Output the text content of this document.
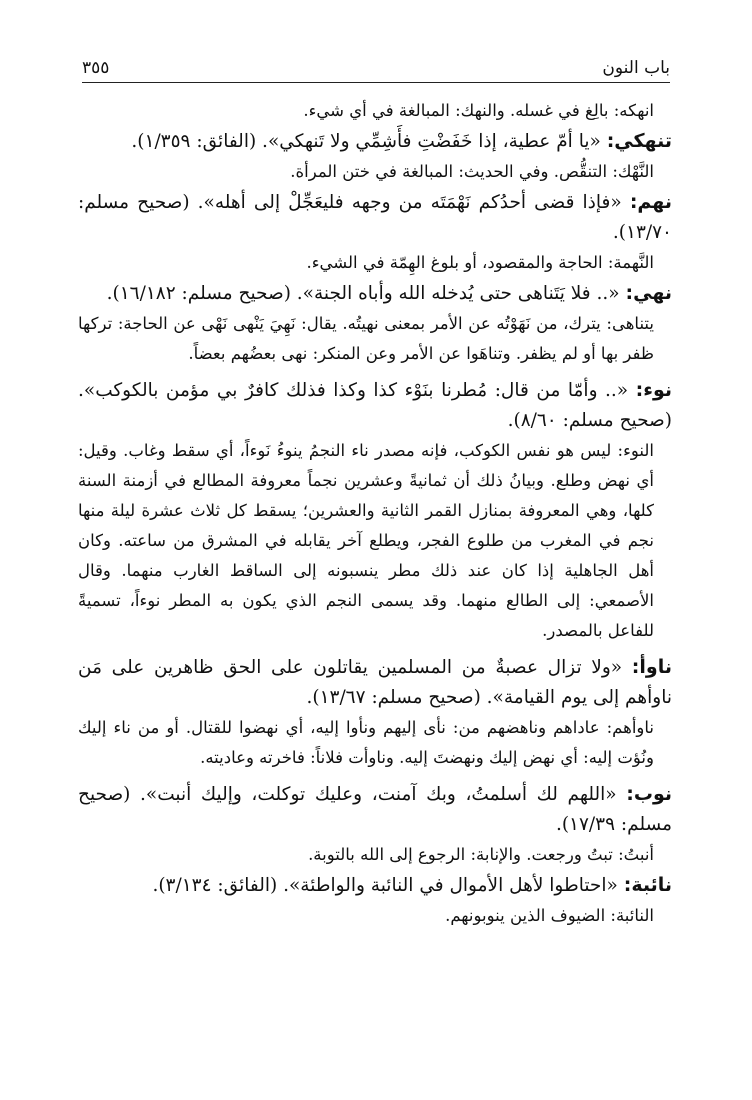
باب النون
٣٥٥

انهكه: بالِغ في غسله. والنهك: المبالغة في أي شيء.

تنهكي: «يا أمّ عطية، إذا خَفَضْتِ فأَشِمِّي ولا تَنهكي». (الفائق: ١/٣٥٩).

النَّهْك: التنقُّص. وفي الحديث: المبالغة في ختن المرأة.

نهم: «فإذا قضى أحدُكم نَهْمَتَه من وجهه فليعَجِّلْ إلى أهله». (صحيح مسلم: ١٣/٧٠).

النَّهمة: الحاجة والمقصود، أو بلوغ الهِمّة في الشيء.

نهي: «.. فلا يَتَناهى حتى يُدخله الله وأباه الجنة». (صحيح مسلم: ١٦/١٨٢).

يتناهى: يترك، من نَهَوْتُه عن الأمر بمعنى نهيتُه. يقال: نَهِيَ يَنْهى نَهْى عن الحاجة: تركها ظفر بها أو لم يظفر. وتناهَوا عن الأمر وعن المنكر: نهى بعضُهم بعضاً.

نوء: «.. وأمّا من قال: مُطرنا بنَوْء كذا وكذا فذلك كافرٌ بي مؤمن بالكوكب». (صحيح مسلم: ٨/٦٠).

النوء: ليس هو نفس الكوكب، فإنه مصدر ناء النجمُ ينوءُ نَوءاً، أي سقط وغاب. وقيل: أي نهض وطلع. وبيانُ ذلك أن ثمانيةً وعشرين نجماً معروفة المطالع في أزمنة السنة كلها، وهي المعروفة بمنازل القمر الثانية والعشرين؛ يسقط كل ثلاث عشرة ليلة منها نجم في المغرب من طلوع الفجر، ويطلع آخر يقابله في المشرق من ساعته. وكان أهل الجاهلية إذا كان عند ذلك مطر ينسبونه إلى الساقط الغارب منهما. وقال الأصمعي: إلى الطالع منهما. وقد يسمى النجم الذي يكون به المطر نوءاً، تسميةً للفاعل بالمصدر.

ناوأ: «ولا تزال عصبةٌ من المسلمين يقاتلون على الحق ظاهرين على مَن ناوأهم إلى يوم القيامة». (صحيح مسلم: ١٣/٦٧).

ناوأهم: عاداهم وناهضهم من: نأى إليهم ونأوا إليه، أي نهضوا للقتال. أو من ناء إليك ونُؤت إليه: أي نهض إليك ونهضتَ إليه. وناوأت فلاناً: فاخرته وعاديته.

نوب: «اللهم لك أسلمتُ، وبك آمنت، وعليك توكلت، وإليك أنبت». (صحيح مسلم: ١٧/٣٩).

أنبتُ: تبتُ ورجعت. والإنابة: الرجوع إلى الله بالتوبة.

نائبة: «احتاطوا لأهل الأموال في النائبة والواطئة». (الفائق: ٣/١٣٤).

النائبة: الضيوف الذين ينوبونهم.
